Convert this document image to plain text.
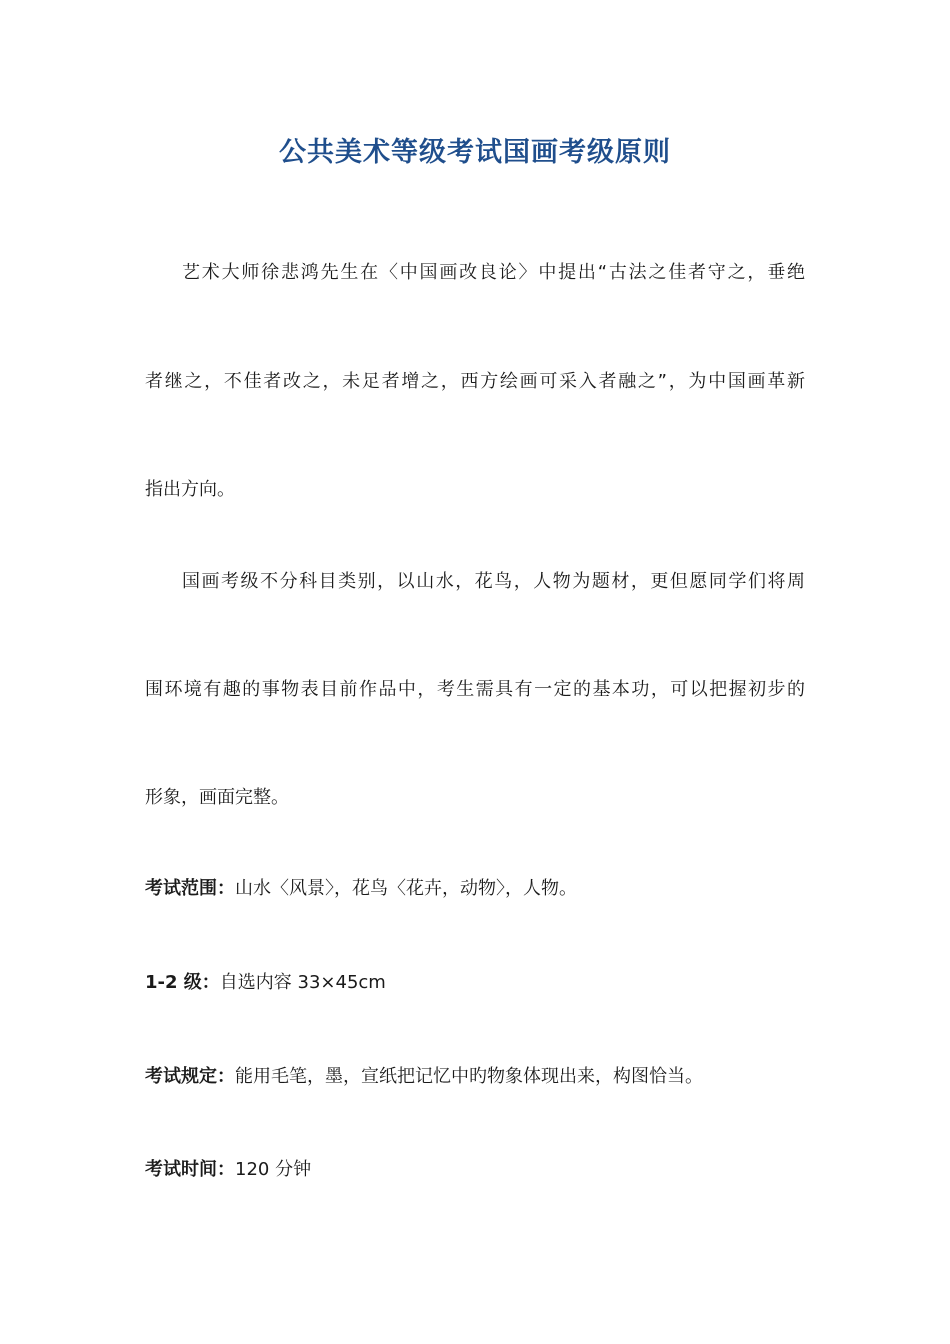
公共美术等级考试国画考级原则

艺术大师徐悲鸿先生在〈中国画改良论〉中提出“古法之佳者守之，垂绝

者继之，不佳者改之，未足者增之，西方绘画可采入者融之”，为中国画革新

指出方向。

国画考级不分科目类别，以山水，花鸟，人物为题材，更但愿同学们将周

围环境有趣的事物表目前作品中，考生需具有一定的基本功，可以把握初步的

形象，画面完整。

考试范围：山水〈风景〉，花鸟〈花卉，动物〉，人物。

1-2 级：自选内容 33×45cm

考试规定：能用毛笔，墨，宣纸把记忆中旳物象体现出来，构图恰当。

考试时间：120 分钟
